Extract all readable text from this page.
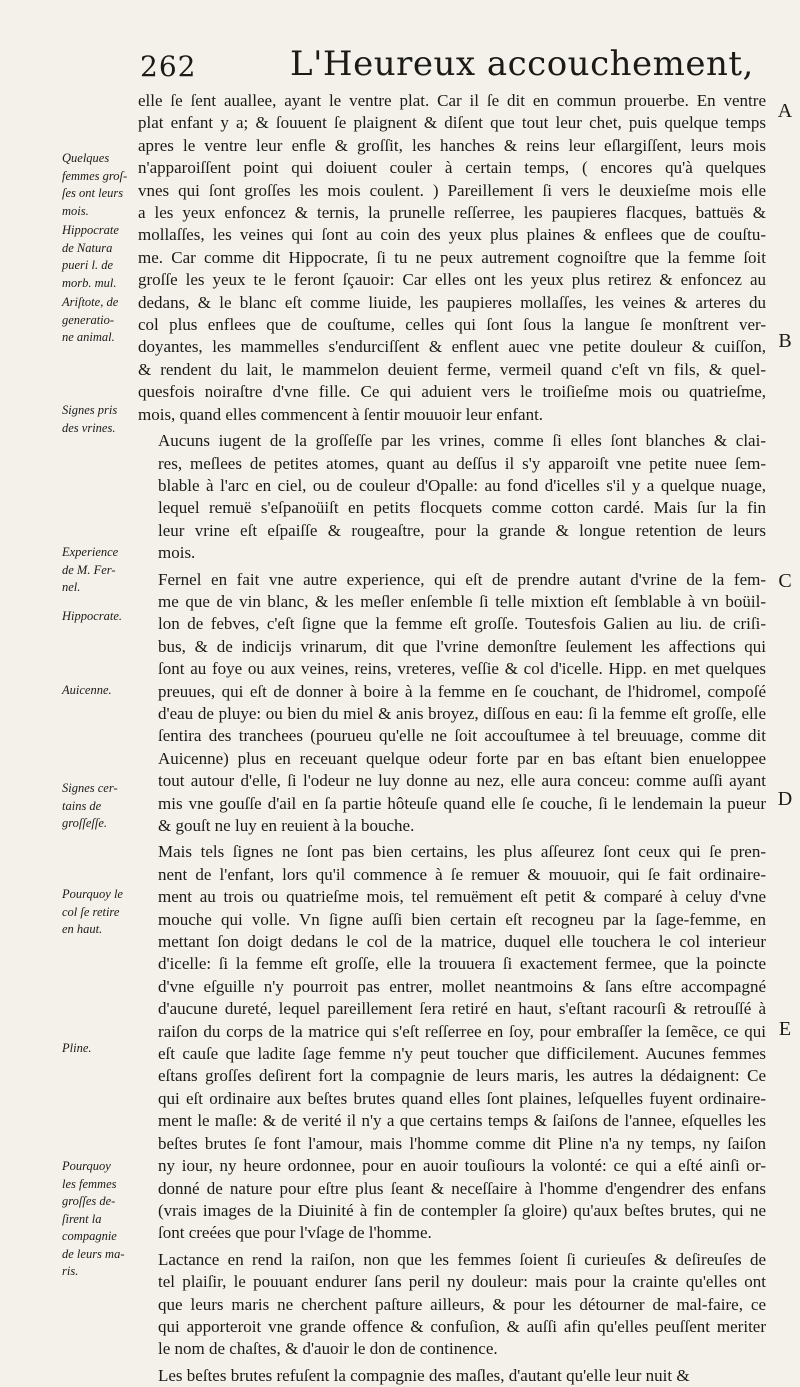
262	L'Heureux accouchement,
Quelques
femmes groſ-
ſes ont leurs
mois.
Hippocrate
de Natura
pueri l. de
morb. mul.
Ariſtote, de
generatio-
ne animal.
Signes pris
des vrines.
Experience
de M. Fer-
nel.
Hippocrate.
Auicenne.
Signes cer-
tains de
groſſeſſe.
Pourquoy le
col ſe retire
en haut.
Pline.
Pourquoy
les femmes
groſſes de-
ſirent la
compagnie
de leurs ma-
ris.
elle ſe ſent auallee, ayant le ventre plat. Car il ſe dit en commun prouerbe. En ventre
plat enfant y a; & ſouuent ſe plaignent & diſent que tout leur chet, puis quelque temps
apres le ventre leur enfle & groſſit, les hanches & reins leur eſlargiſſent, leurs mois
n'apparoiſſent point qui doiuent couler à certain temps, ( encores qu'à quelques
vnes qui ſont groſſes les mois coulent. ) Pareillement ſi vers le deuxieſme mois elle
a les yeux enfoncez & ternis, la prunelle reſſerree, les paupieres flacques, battuës &
mollaſſes, les veines qui ſont au coin des yeux plus plaines & enflees que de couſtu-
me. Car comme dit Hippocrate, ſi tu ne peux autrement cognoiſtre que la femme ſoit
groſſe les yeux te le feront ſçauoir: Car elles ont les yeux plus retirez & enfoncez au
dedans, & le blanc eſt comme liuide, les paupieres mollaſſes, les veines & arteres du
col plus enflees que de couſtume, celles qui ſont ſous la langue ſe monſtrent ver-
doyantes, les mammelles s'endurciſſent & enflent auec vne petite douleur & cuiſſon,
& rendent du lait, le mammelon deuient ferme, vermeil quand c'eſt vn fils, & quel-
quesfois noiraſtre d'vne fille. Ce qui aduient vers le troiſieſme mois ou quatrieſme,
mois, quand elles commencent à ſentir mouuoir leur enfant.
Aucuns iugent de la groſſeſſe par les vrines, comme ſi elles ſont blanches & clai-
res, meſlees de petites atomes, quant au deſſus il s'y apparoiſt vne petite nuee ſem-
blable à l'arc en ciel, ou de couleur d'Opalle: au fond d'icelles s'il y a quelque nuage,
lequel remuë s'eſpanoüiſt en petits flocquets comme cotton cardé. Mais ſur la fin
leur vrine eſt eſpaiſſe & rougeaſtre, pour la grande & longue retention de leurs
mois.
Fernel en fait vne autre experience, qui eſt de prendre autant d'vrine de la fem-
me que de vin blanc, & les meſler enſemble ſi telle mixtion eſt ſemblable à vn boüil-
lon de febves, c'eſt ſigne que la femme eſt groſſe. Toutesfois Galien au liu. de criſi-
bus, & de indicijs vrinarum, dit que l'vrine demonſtre ſeulement les affections qui
ſont au foye ou aux veines, reins, vreteres, veſſie & col d'icelle. Hipp. en met quelques
preuues, qui eſt de donner à boire à la femme en ſe couchant, de l'hidromel, compoſé
d'eau de pluye: ou bien du miel & anis broyez, diſſous en eau: ſi la femme eſt groſſe, elle
ſentira des tranchees (pourueu qu'elle ne ſoit accouſtumee à tel breuuage, comme dit
Auicenne) plus en receuant quelque odeur forte par en bas eſtant bien enueloppee
tout autour d'elle, ſi l'odeur ne luy donne au nez, elle aura conceu: comme auſſi ayant
mis vne gouſſe d'ail en ſa partie hôteuſe quand elle ſe couche, ſi le lendemain la pueur
& gouſt ne luy en reuient à la bouche.
Mais tels ſignes ne ſont pas bien certains, les plus aſſeurez ſont ceux qui ſe pren-
nent de l'enfant, lors qu'il commence à ſe remuer & mouuoir, qui ſe fait ordinaire-
ment au trois ou quatrieſme mois, tel remuëment eſt petit & comparé à celuy d'vne
mouche qui volle. Vn ſigne auſſi bien certain eſt recogneu par la ſage-femme, en
mettant ſon doigt dedans le col de la matrice, duquel elle touchera le col interieur
d'icelle: ſi la femme eſt groſſe, elle la trouuera ſi exactement fermee, que la poincte
d'vne eſguille n'y pourroit pas entrer, mollet neantmoins & ſans eſtre accompagné
d'aucune dureté, lequel pareillement ſera retiré en haut, s'eſtant racourſi & retrouſſé à
raiſon du corps de la matrice qui s'eſt reſſerree en ſoy, pour embraſſer la ſemẽce, ce qui
eſt cauſe que ladite ſage femme n'y peut toucher que difficilement. Aucunes femmes
eſtans groſſes deſirent fort la compagnie de leurs maris, les autres la dédaignent: Ce
qui eſt ordinaire aux beſtes brutes quand elles ſont plaines, leſquelles fuyent ordinaire-
ment le maſle: & de verité il n'y a que certains temps & ſaiſons de l'annee, eſquelles les
beſtes brutes ſe font l'amour, mais l'homme comme dit Pline n'a ny temps, ny ſaiſon
ny iour, ny heure ordonnee, pour en auoir touſiours la volonté: ce qui a eſté ainſi or-
donné de nature pour eſtre plus ſeant & neceſſaire à l'homme d'engendrer des enfans
(vrais images de la Diuinité à fin de contempler ſa gloire) qu'aux beſtes brutes, qui ne
ſont creées que pour l'vſage de l'homme.
Lactance en rend la raiſon, non que les femmes ſoient ſi curieuſes & deſireuſes de
tel plaiſir, le pouuant endurer ſans peril ny douleur: mais pour la crainte qu'elles ont
que leurs maris ne cherchent paſture ailleurs, & pour les détourner de mal-faire, ce
qui apporteroit vne grande offence & confuſion, & auſſi afin qu'elles peuſſent meriter
le nom de chaſtes, & d'auoir le don de continence.
Les beſtes brutes refuſent la compagnie des maſles, d'autant qu'elle leur nuit &
A
B
C
D
E
